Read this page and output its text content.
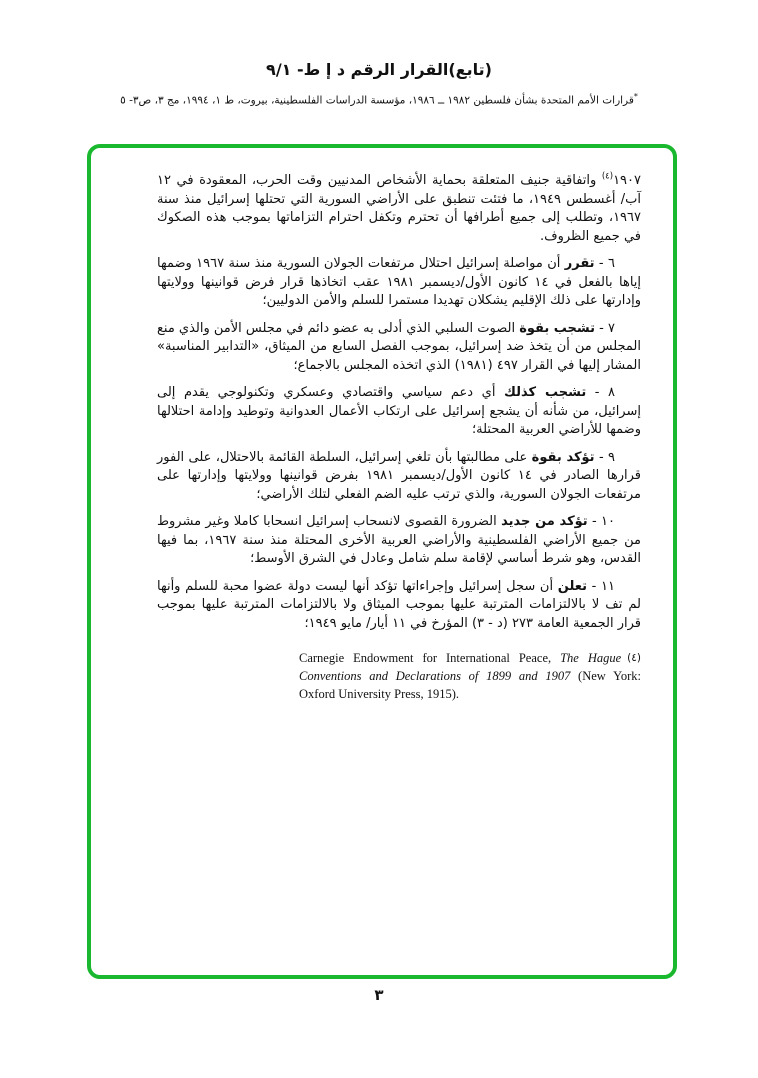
(تابع)القرار الرقم د إ ط- ٩/١
*قرارات الأمم المتحدة بشأن فلسطين ١٩٨٢ ــ ١٩٨٦، مؤسسة الدراسات الفلسطينية، بيروت، ط ١، ١٩٩٤، مج ٣، ص٣- ٥

١٩٠٧$^{(٤)}$ واتفاقية جنيف المتعلقة بحماية الأشخاص المدنيين وقت الحرب، المعقودة في ١٢ آب/ أغسطس ١٩٤٩، ما فتئت تنطبق على الأراضي السورية التي تحتلها إسرائيل منذ سنة ١٩٦٧، وتطلب إلى جميع أطرافها أن تحترم وتكفل احترام التزاماتها بموجب هذه الصكوك في جميع الظروف.

٦ - تقرر أن مواصلة إسرائيل احتلال مرتفعات الجولان السورية منذ سنة ١٩٦٧ وضمها إياها بالفعل في ١٤ كانون الأول/ديسمبر ١٩٨١ عقب اتخاذها قرار فرض قوانينها وولايتها وإدارتها على ذلك الإقليم يشكلان تهديدا مستمرا للسلم والأمن الدوليين؛

٧ - تشجب بقوة الصوت السلبي الذي أدلى به عضو دائم في مجلس الأمن والذي منع المجلس من أن يتخذ ضد إسرائيل، بموجب الفصل السابع من الميثاق، «التدابير المناسبة» المشار إليها في القرار ٤٩٧ (١٩٨١) الذي اتخذه المجلس بالاجماع؛

٨ - تشجب كذلك أي دعم سياسي واقتصادي وعسكري وتكنولوجي يقدم إلى إسرائيل، من شأنه أن يشجع إسرائيل على ارتكاب الأعمال العدوانية وتوطيد وإدامة احتلالها وضمها للأراضي العربية المحتلة؛

٩ - تؤكد بقوة على مطالبتها بأن تلغي إسرائيل، السلطة القائمة بالاحتلال، على الفور قرارها الصادر في ١٤ كانون الأول/ديسمبر ١٩٨١ بفرض قوانينها وولايتها وإدارتها على مرتفعات الجولان السورية، والذي ترتب عليه الضم الفعلي لتلك الأراضي؛

١٠ - تؤكد من جديد الضرورة القصوى لانسحاب إسرائيل انسحابا كاملا وغير مشروط من جميع الأراضي الفلسطينية والأراضي العربية الأخرى المحتلة منذ سنة ١٩٦٧، بما فيها القدس، وهو شرط أساسي لإقامة سلم شامل وعادل في الشرق الأوسط؛

١١ - تعلن أن سجل إسرائيل وإجراءاتها تؤكد أنها ليست دولة عضوا محبة للسلم وأنها لم تف لا بالالتزامات المترتبة عليها بموجب الميثاق ولا بالالتزامات المترتبة عليها بموجب قرار الجمعية العامة ٢٧٣ (د - ٣) المؤرخ في ١١ أيار/ مايو ١٩٤٩؛

(٤)
Carnegie Endowment for International Peace, The Hague Conventions and Declarations of 1899 and 1907 (New York: Oxford University Press, 1915).
٣
